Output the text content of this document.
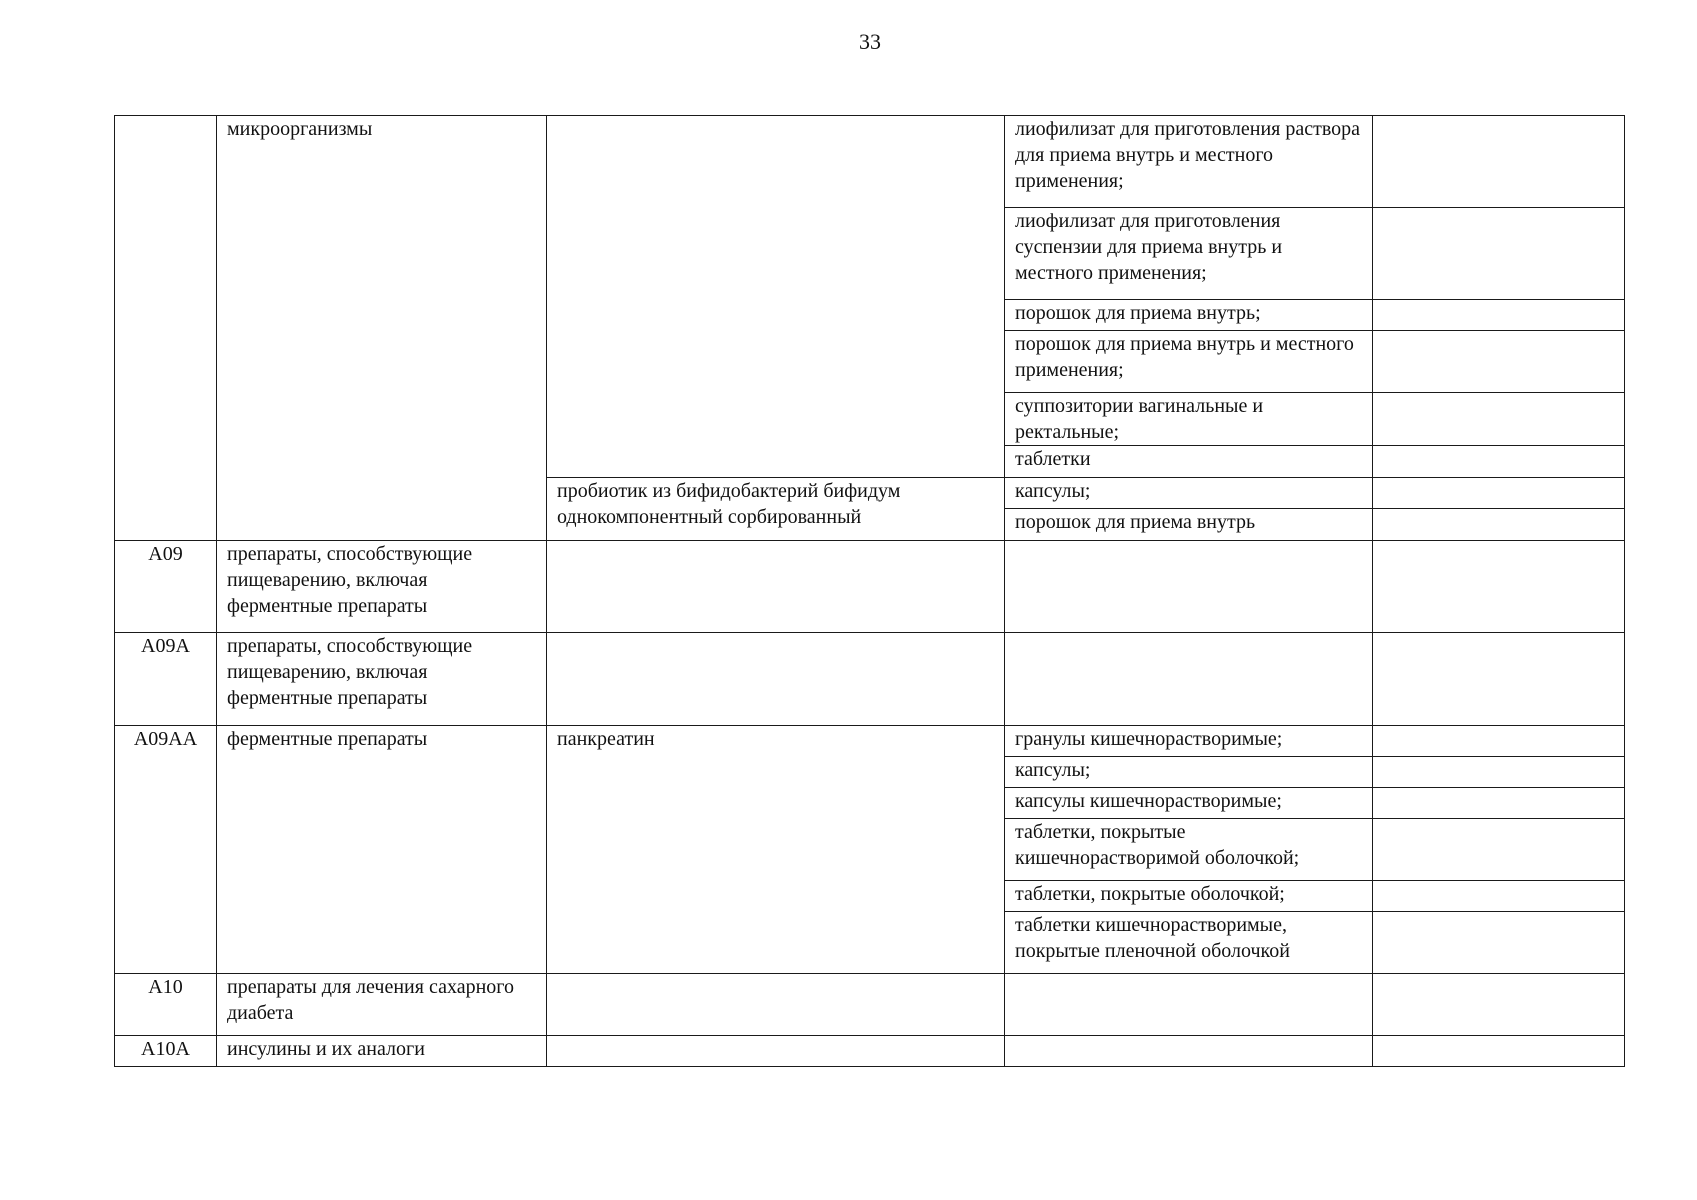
33
	микроорганизмы		лиофилизат для приготовления раствора для приема внутрь и местного применения;	
			лиофилизат для приготовления суспензии для приема внутрь и местного применения;	
			порошок для приема внутрь;	
			порошок для приема внутрь и местного применения;	
			суппозитории вагинальные и ректальные;	
			таблетки	
		пробиотик из бифидобактерий бифидум однокомпонентный сорбированный	капсулы;	
			порошок для приема внутрь	
A09	препараты, способствующие пищеварению, включая ферментные препараты			
A09A	препараты, способствующие пищеварению, включая ферментные препараты			
A09AA	ферментные препараты	панкреатин	гранулы кишечнорастворимые;	
			капсулы;	
			капсулы кишечнорастворимые;	
			таблетки, покрытые кишечнорастворимой оболочкой;	
			таблетки, покрытые оболочкой;	
			таблетки кишечнорастворимые, покрытые пленочной оболочкой	
A10	препараты для лечения сахарного диабета			
A10A	инсулины и их аналоги			
